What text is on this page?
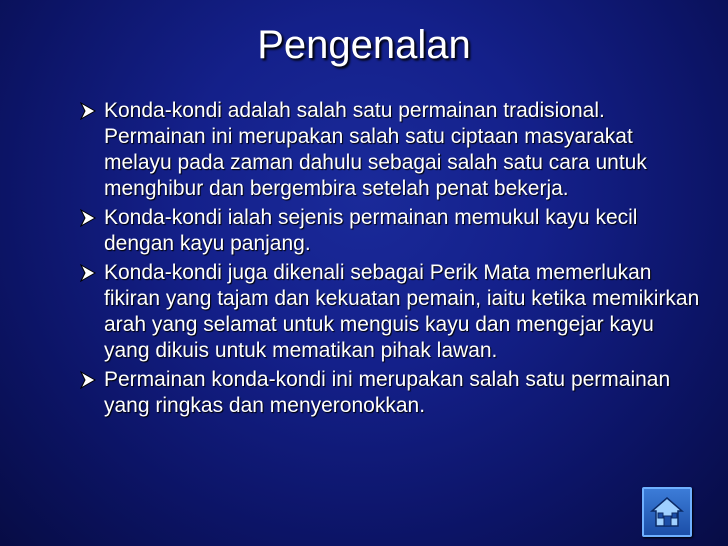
Pengenalan
Konda-kondi adalah salah satu permainan tradisional. Permainan ini merupakan salah satu ciptaan masyarakat melayu pada zaman dahulu sebagai salah satu cara untuk menghibur dan bergembira setelah penat bekerja.
Konda-kondi ialah sejenis permainan memukul kayu kecil dengan kayu panjang.
Konda-kondi juga dikenali sebagai Perik Mata memerlukan fikiran yang tajam dan kekuatan pemain, iaitu ketika memikirkan arah yang selamat untuk menguis kayu dan mengejar kayu yang dikuis untuk mematikan pihak lawan.
Permainan konda-kondi ini merupakan salah satu permainan yang ringkas dan menyeronokkan.
